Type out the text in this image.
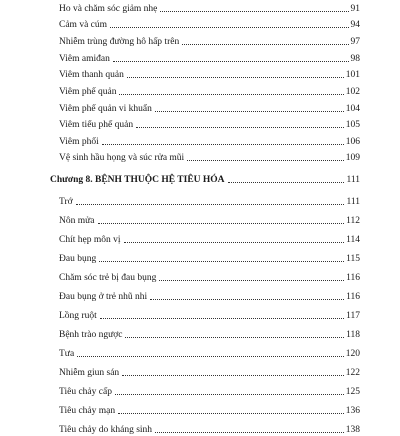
Ho và chăm sóc giảm nhẹ	91
Cảm và cúm	94
Nhiễm trùng đường hô hấp trên	97
Viêm amiđan	98
Viêm thanh quản	101
Viêm phế quản	102
Viêm phế quản vi khuẩn	104
Viêm tiểu phế quản	105
Viêm phổi	106
Vệ sinh hầu họng và súc rửa mũi	109
Chương 8. BỆNH THUỘC HỆ TIÊU HÓA	111
Trớ	111
Nôn mửa	112
Chít hẹp môn vị	114
Đau bụng	115
Chăm sóc trẻ bị đau bụng	116
Đau bụng ở trẻ nhũ nhi	116
Lồng ruột	117
Bệnh trào ngược	118
Tưa	120
Nhiễm giun sán	122
Tiêu chảy cấp	125
Tiêu chảy mạn	136
Tiêu chảy do kháng sinh	138
